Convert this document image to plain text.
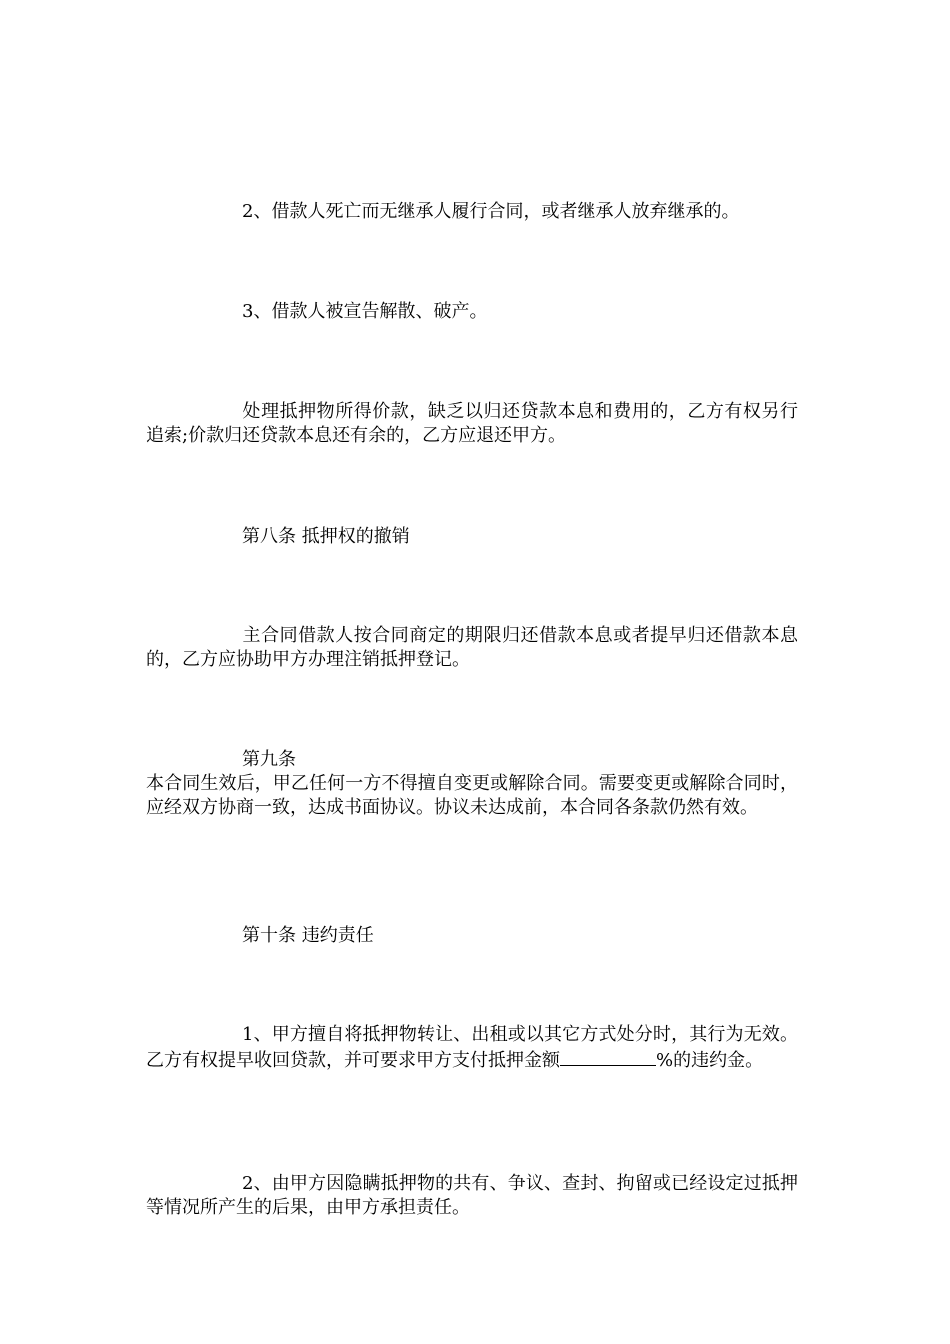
2、借款人死亡而无继承人履行合同，或者继承人放弃继承的。

3、借款人被宣告解散、破产。

处理抵押物所得价款，缺乏以归还贷款本息和费用的，乙方有权另行追索;价款归还贷款本息还有余的，乙方应退还甲方。

第八条 抵押权的撤销

主合同借款人按合同商定的期限归还借款本息或者提早归还借款本息的，乙方应协助甲方办理注销抵押登记。

第九条

本合同生效后，甲乙任何一方不得擅自变更或解除合同。需要变更或解除合同时，应经双方协商一致，达成书面协议。协议未达成前，本合同各条款仍然有效。

第十条 违约责任

1、甲方擅自将抵押物转让、出租或以其它方式处分时，其行为无效。乙方有权提早收回贷款，并可要求甲方支付抵押金额	%的违约金。

2、由甲方因隐瞒抵押物的共有、争议、查封、拘留或已经设定过抵押等情况所产生的后果，由甲方承担责任。
